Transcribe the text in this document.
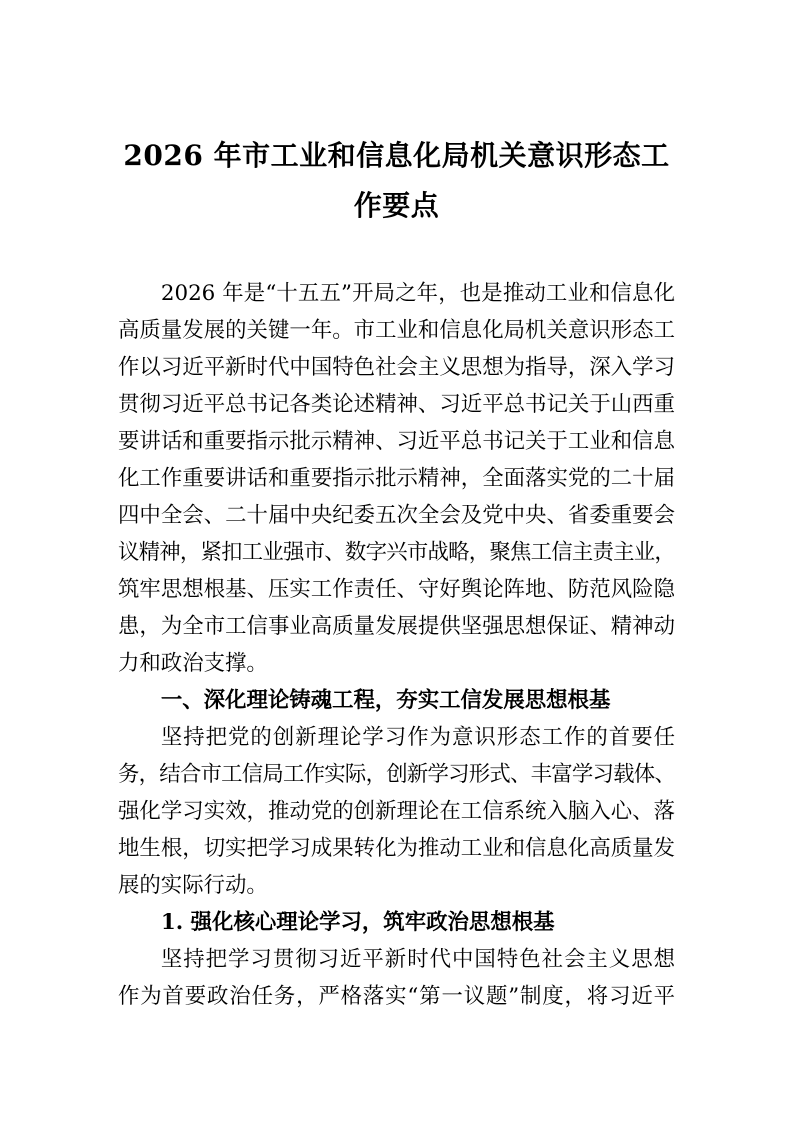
2026 年市工业和信息化局机关意识形态工
作要点
2026 年是“十五五”开局之年，也是推动工业和信息化
高质量发展的关键一年。市工业和信息化局机关意识形态工
作以习近平新时代中国特色社会主义思想为指导，深入学习
贯彻习近平总书记各类论述精神、习近平总书记关于山西重
要讲话和重要指示批示精神、习近平总书记关于工业和信息
化工作重要讲话和重要指示批示精神，全面落实党的二十届
四中全会、二十届中央纪委五次全会及党中央、省委重要会
议精神，紧扣工业强市、数字兴市战略，聚焦工信主责主业，
筑牢思想根基、压实工作责任、守好舆论阵地、防范风险隐
患，为全市工信事业高质量发展提供坚强思想保证、精神动
力和政治支撑。
一、深化理论铸魂工程，夯实工信发展思想根基
坚持把党的创新理论学习作为意识形态工作的首要任
务，结合市工信局工作实际，创新学习形式、丰富学习载体、
强化学习实效，推动党的创新理论在工信系统入脑入心、落
地生根，切实把学习成果转化为推动工业和信息化高质量发
展的实际行动。
1. 强化核心理论学习，筑牢政治思想根基
坚持把学习贯彻习近平新时代中国特色社会主义思想
作为首要政治任务，严格落实“第一议题”制度，将习近平
